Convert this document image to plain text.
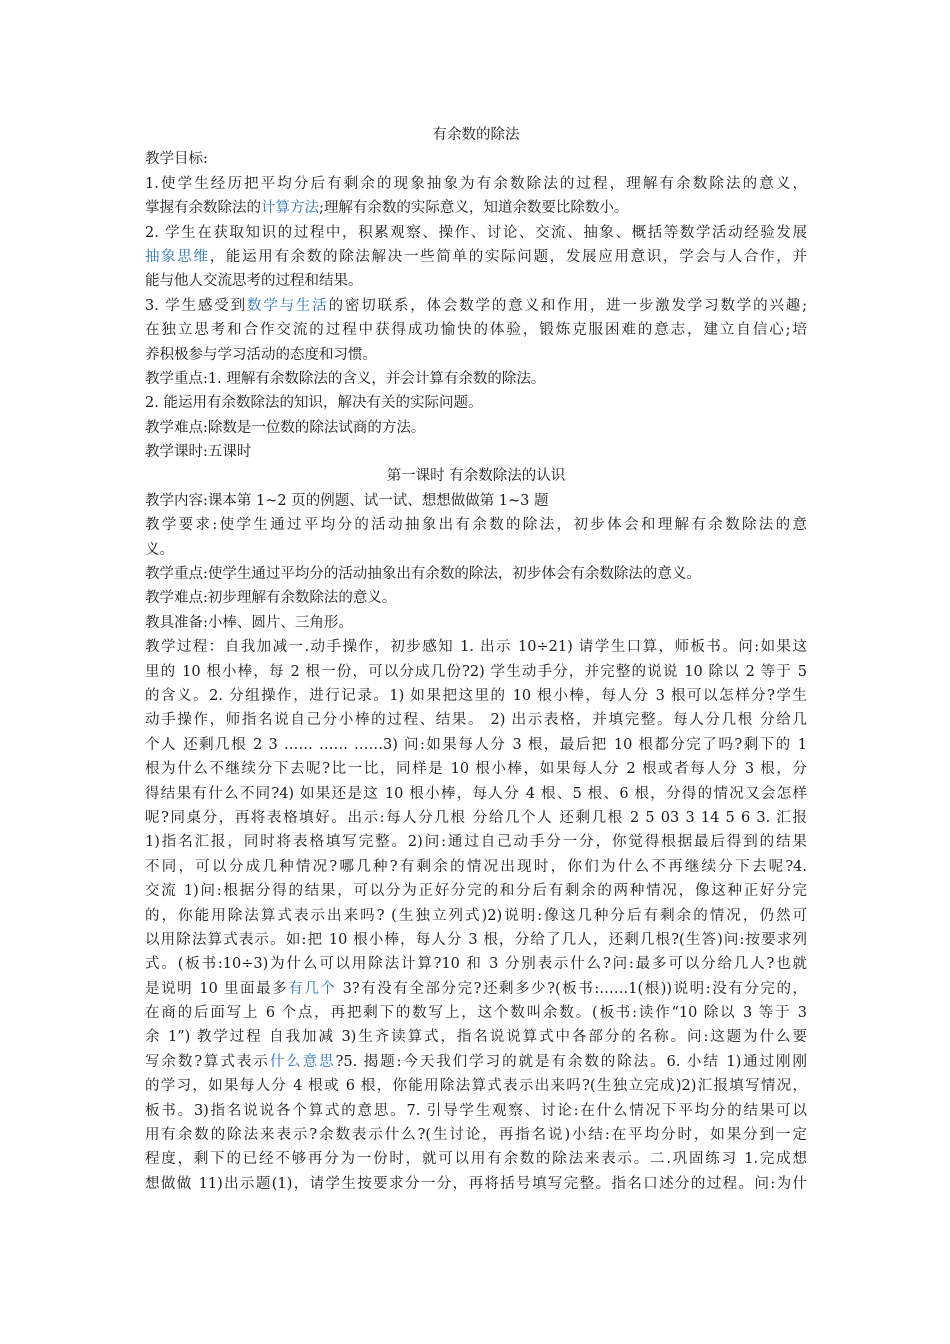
有余数的除法
教学目标:
1.使学生经历把平均分后有剩余的现象抽象为有余数除法的过程，理解有余数除法的意义，
掌握有余数除法的计算方法;理解有余数的实际意义，知道余数要比除数小。
2. 学生在获取知识的过程中，积累观察、操作、讨论、交流、抽象、概括等数学活动经验发展
抽象思维，能运用有余数的除法解决一些简单的实际问题，发展应用意识，学会与人合作，并
能与他人交流思考的过程和结果。
3. 学生感受到数学与生活的密切联系，体会数学的意义和作用，进一步激发学习数学的兴趣;
在独立思考和合作交流的过程中获得成功愉快的体验，锻炼克服困难的意志，建立自信心;培
养积极参与学习活动的态度和习惯。
教学重点:1. 理解有余数除法的含义，并会计算有余数的除法。
2. 能运用有余数除法的知识，解决有关的实际问题。
教学难点:除数是一位数的除法试商的方法。
教学课时:五课时
第一课时 有余数除法的认识
教学内容:课本第 1~2 页的例题、试一试、想想做做第 1~3 题
教学要求:使学生通过平均分的活动抽象出有余数的除法，初步体会和理解有余数除法的意
义。
教学重点:使学生通过平均分的活动抽象出有余数的除法，初步体会有余数除法的意义。
教学难点:初步理解有余数除法的意义。
教具准备:小棒、圆片、三角形。
教学过程：自我加减一.动手操作，初步感知 1. 出示 10÷21) 请学生口算，师板书。问:如果这
里的 10 根小棒，每 2 根一份，可以分成几份?2) 学生动手分，并完整的说说 10 除以 2 等于 5
的含义。2. 分组操作，进行记录。1) 如果把这里的 10 根小棒，每人分 3 根可以怎样分?学生
动手操作，师指名说自己分小棒的过程、结果。 2) 出示表格，并填完整。每人分几根 分给几
个人 还剩几根 2 3 …… …… ……3) 问:如果每人分 3 根，最后把 10 根都分完了吗?剩下的 1
根为什么不继续分下去呢?比一比，同样是 10 根小棒，如果每人分 2 根或者每人分 3 根，分
得结果有什么不同?4) 如果还是这 10 根小棒，每人分 4 根、5 根、6 根，分得的情况又会怎样
呢?同桌分，再将表格填好。出示:每人分几根 分给几个人 还剩几根 2 5 03 3 14 5 6 3. 汇报
1)指名汇报，同时将表格填写完整。2)问:通过自己动手分一分，你觉得根据最后得到的结果
不同，可以分成几种情况?哪几种?有剩余的情况出现时，你们为什么不再继续分下去呢?4.
交流 1)问:根据分得的结果，可以分为正好分完的和分后有剩余的两种情况，像这种正好分完
的，你能用除法算式表示出来吗? (生独立列式)2)说明:像这几种分后有剩余的情况，仍然可
以用除法算式表示。如:把 10 根小棒，每人分 3 根，分给了几人，还剩几根?(生答)问:按要求列
式。(板书:10÷3)为什么可以用除法计算?10 和 3 分别表示什么?问:最多可以分给几人?也就
是说明 10 里面最多有几个 3?有没有全部分完?还剩多少?(板书:……1(根))说明:没有分完的，
在商的后面写上 6 个点，再把剩下的数写上，这个数叫余数。(板书:读作“10 除以 3 等于 3
余 1”) 教学过程 自我加减 3)生齐读算式，指名说说算式中各部分的名称。问:这题为什么要
写余数?算式表示什么意思?5. 揭题:今天我们学习的就是有余数的除法。6. 小结 1)通过刚刚
的学习，如果每人分 4 根或 6 根，你能用除法算式表示出来吗?(生独立完成)2)汇报填写情况，
板书。3)指名说说各个算式的意思。7. 引导学生观察、讨论:在什么情况下平均分的结果可以
用有余数的除法来表示?余数表示什么?(生讨论，再指名说)小结:在平均分时，如果分到一定
程度，剩下的已经不够再分为一份时，就可以用有余数的除法来表示。二.巩固练习 1.完成想
想做做 11)出示题(1)，请学生按要求分一分，再将括号填写完整。指名口述分的过程。问:为什
